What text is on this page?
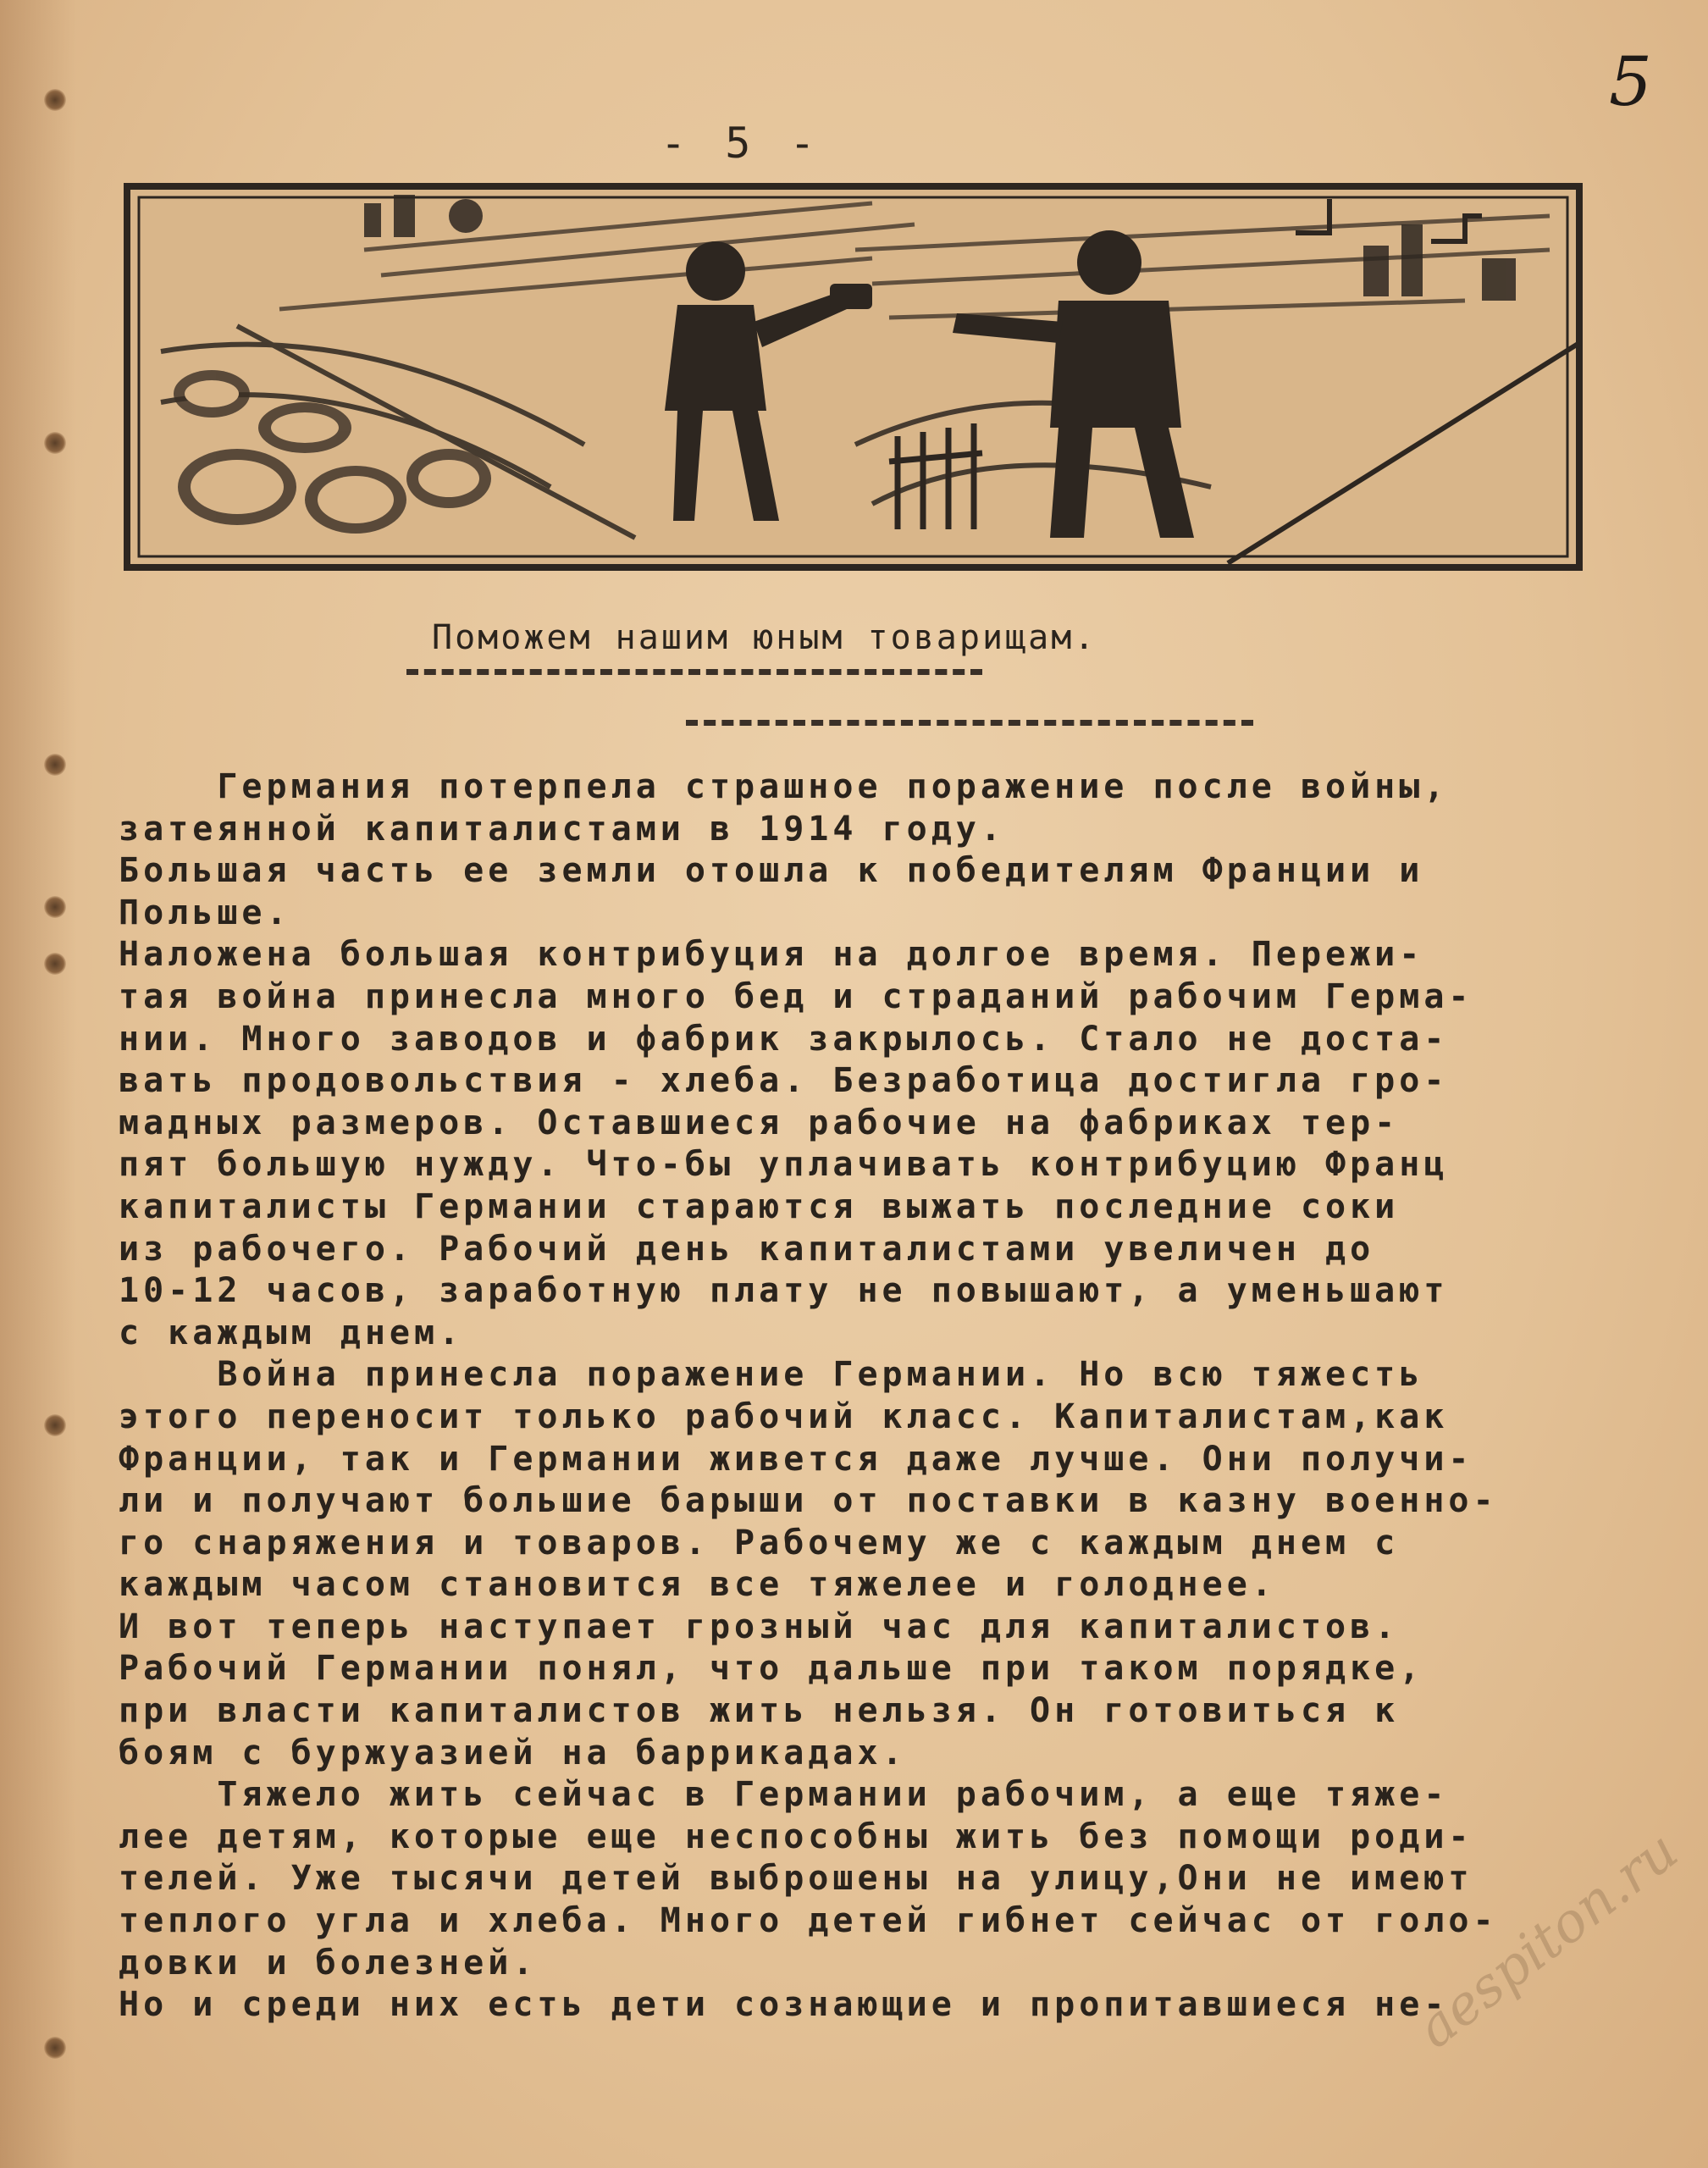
- 5 -
5
Поможем нашим юным товарищам.
Германия потерпела страшное поражение после войны,
затеянной капиталистами в 1914 году.
Большая часть ее земли отошла к победителям Франции и
Польше.
Наложена большая контрибуция на долгое время. Пережи-
тая война принесла много бед и страданий рабочим Герма-
нии. Много заводов и фабрик закрылось. Стало не доста-
вать продовольствия - хлеба. Безработица достигла гро-
мадных размеров. Оставшиеся рабочие на фабриках тер-
пят большую нужду. Что-бы уплачивать контрибуцию Франц
капиталисты Германии стараются выжать последние соки
из рабочего. Рабочий день капиталистами увеличен до
10-12 часов, заработную плату не повышают, а уменьшают
с каждым днем.
Война принесла поражение Германии. Но всю тяжесть
этого переносит только рабочий класс. Капиталистам,как
Франции, так и Германии живется даже лучше. Они получи-
ли и получают большие барыши от поставки в казну военно-
го снаряжения и товаров. Рабочему же с каждым днем с
каждым часом становится все тяжелее и голоднее.
И вот теперь наступает грозный час для капиталистов.
Рабочий Германии понял, что дальше при таком порядке,
при власти капиталистов жить нельзя. Он готовиться к
боям с буржуазией на баррикадах.
Тяжело жить сейчас в Германии рабочим, а еще тяже-
лее детям, которые еще неспособны жить без помощи роди-
телей. Уже тысячи детей выброшены на улицу,Они не имеют
теплого угла и хлеба. Много детей гибнет сейчас от голо-
довки и болезней.
Но и среди них есть дети сознающие и пропитавшиеся не-
aespiton.ru
